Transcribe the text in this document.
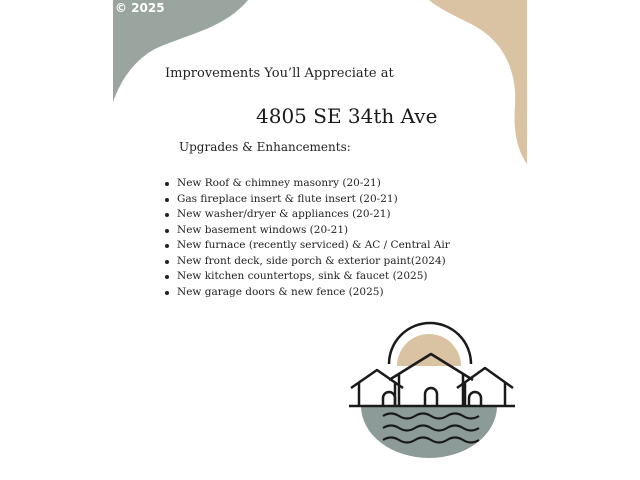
© 2025
Improvements You’ll Appreciate at
4805 SE 34th Ave
Upgrades & Enhancements:
New Roof & chimney masonry (20-21)
Gas fireplace insert & flute insert (20-21)
New washer/dryer & appliances (20-21)
New basement windows (20-21)
New furnace (recently serviced) & AC / Central Air
New front deck, side porch & exterior paint(2024)
New kitchen countertops, sink & faucet (2025)
New garage doors & new fence (2025)
